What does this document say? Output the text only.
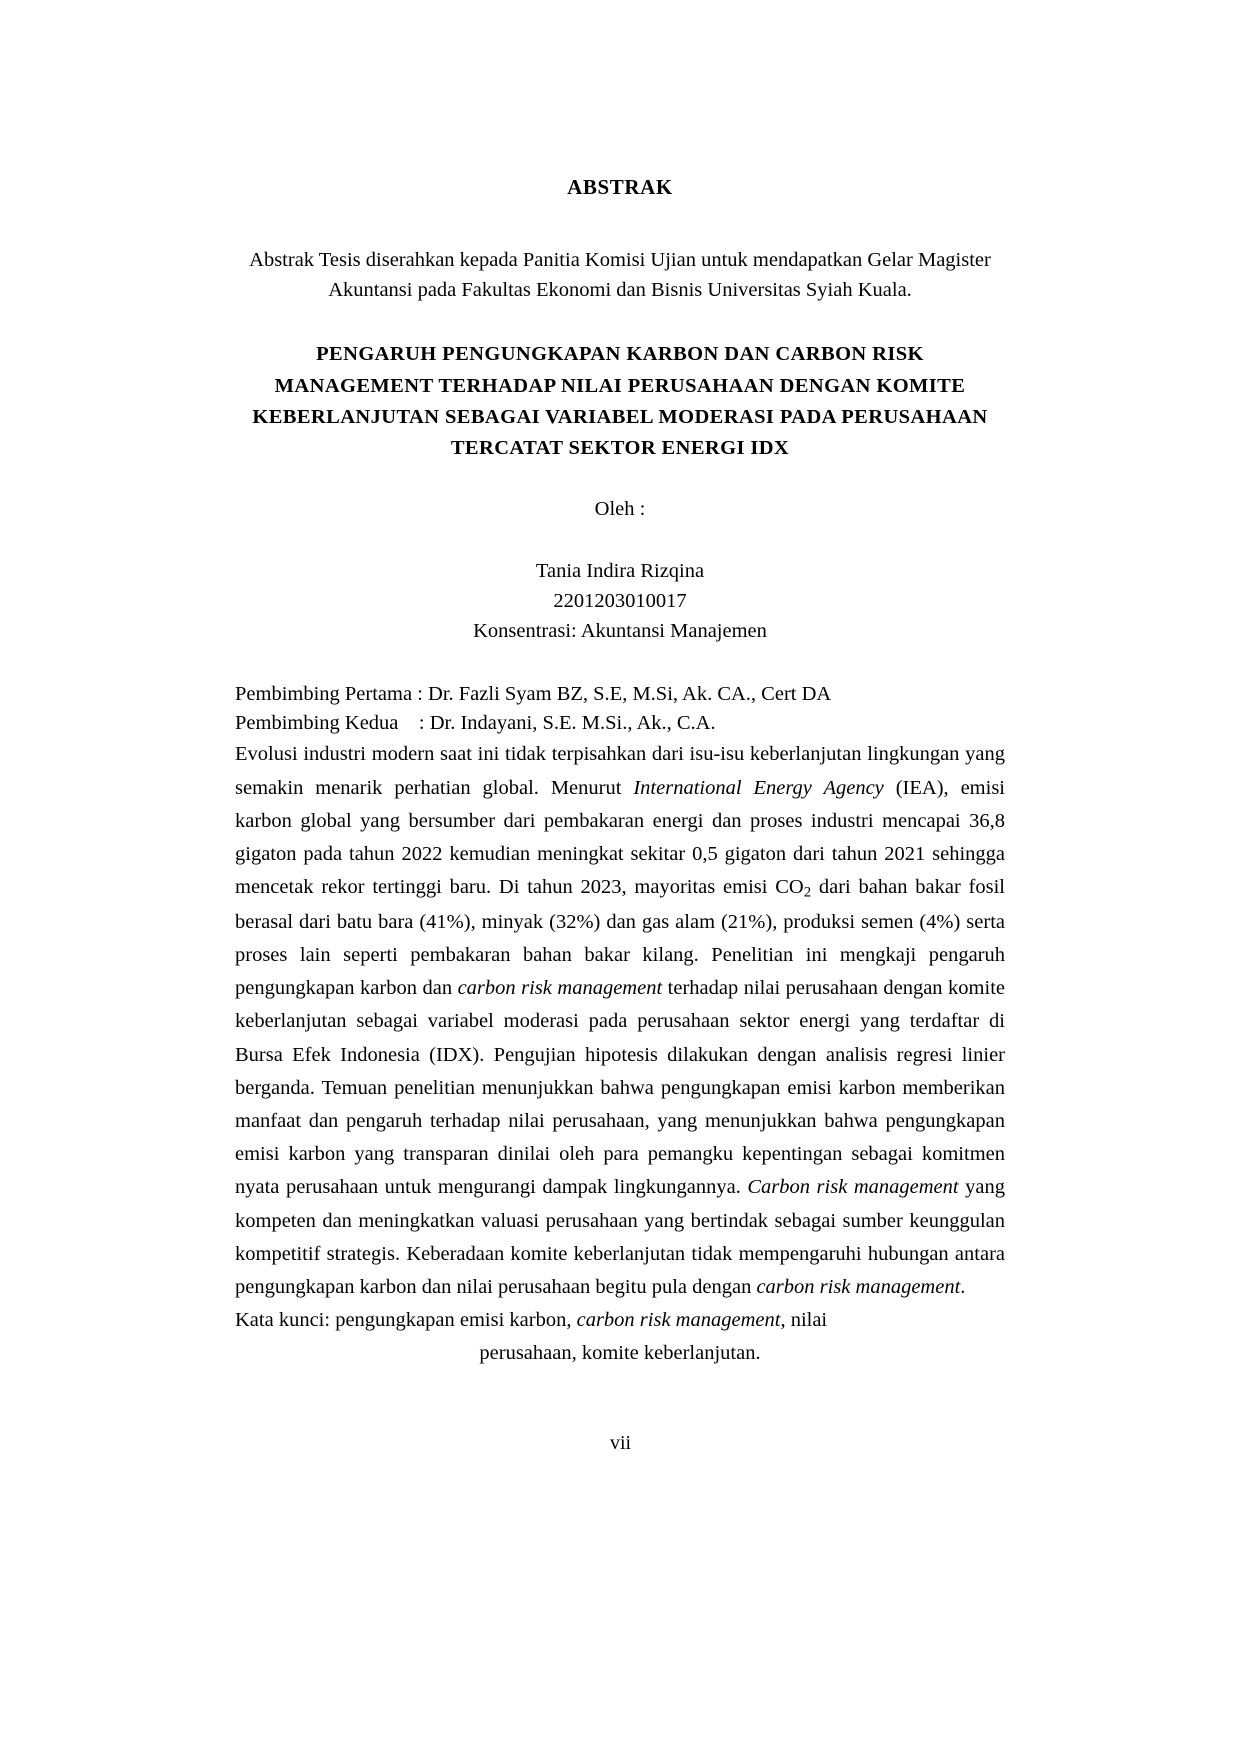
ABSTRAK
Abstrak Tesis diserahkan kepada Panitia Komisi Ujian untuk mendapatkan Gelar Magister Akuntansi pada Fakultas Ekonomi dan Bisnis Universitas Syiah Kuala.
PENGARUH PENGUNGKAPAN KARBON DAN CARBON RISK MANAGEMENT TERHADAP NILAI PERUSAHAAN DENGAN KOMITE KEBERLANJUTAN SEBAGAI VARIABEL MODERASI PADA PERUSAHAAN TERCATAT SEKTOR ENERGI IDX
Oleh :
Tania Indira Rizqina
2201203010017
Konsentrasi: Akuntansi Manajemen
Pembimbing Pertama : Dr. Fazli Syam BZ, S.E, M.Si, Ak. CA., Cert DA
Pembimbing Kedua    : Dr. Indayani, S.E. M.Si., Ak., C.A.

Evolusi industri modern saat ini tidak terpisahkan dari isu-isu keberlanjutan lingkungan yang semakin menarik perhatian global. Menurut International Energy Agency (IEA), emisi karbon global yang bersumber dari pembakaran energi dan proses industri mencapai 36,8 gigaton pada tahun 2022 kemudian meningkat sekitar 0,5 gigaton dari tahun 2021 sehingga mencetak rekor tertinggi baru. Di tahun 2023, mayoritas emisi $CO_2$ dari bahan bakar fosil berasal dari batu bara (41%), minyak (32%) dan gas alam (21%), produksi semen (4%) serta proses lain seperti pembakaran bahan bakar kilang. Penelitian ini mengkaji pengaruh pengungkapan karbon dan carbon risk management terhadap nilai perusahaan dengan komite keberlanjutan sebagai variabel moderasi pada perusahaan sektor energi yang terdaftar di Bursa Efek Indonesia (IDX). Pengujian hipotesis dilakukan dengan analisis regresi linier berganda. Temuan penelitian menunjukkan bahwa pengungkapan emisi karbon memberikan manfaat dan pengaruh terhadap nilai perusahaan, yang menunjukkan bahwa pengungkapan emisi karbon yang transparan dinilai oleh para pemangku kepentingan sebagai komitmen nyata perusahaan untuk mengurangi dampak lingkungannya. Carbon risk management yang kompeten dan meningkatkan valuasi perusahaan yang bertindak sebagai sumber keunggulan kompetitif strategis. Keberadaan komite keberlanjutan tidak mempengaruhi hubungan antara pengungkapan karbon dan nilai perusahaan begitu pula dengan carbon risk management.

Kata kunci: pengungkapan emisi karbon, carbon risk management, nilai
perusahaan, komite keberlanjutan.

vii
